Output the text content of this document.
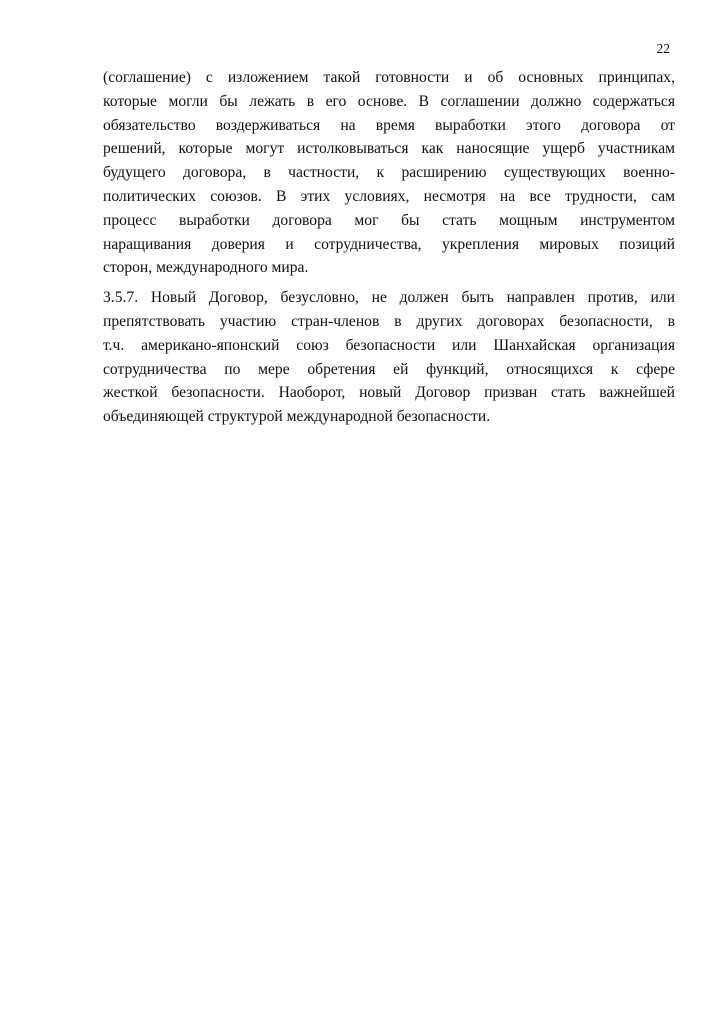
22

(соглашение) с изложением такой готовности и об основных принципах,
которые могли бы лежать в его основе. В соглашении должно содержаться
обязательство воздерживаться на время выработки этого договора от
решений, которые могут истолковываться как наносящие ущерб участникам
будущего договора, в частности, к расширению существующих военно-
политических союзов. В этих условиях, несмотря на все трудности, сам
процесс выработки договора мог бы стать мощным инструментом
наращивания доверия и сотрудничества, укрепления мировых позиций
сторон, международного мира.

3.5.7. Новый Договор, безусловно, не должен быть направлен против, или
препятствовать участию стран-членов в других договорах безопасности, в
т.ч. американо-японский союз безопасности или Шанхайская организация
сотрудничества по мере обретения ей функций, относящихся к сфере
жесткой безопасности. Наоборот, новый Договор призван стать важнейшей
объединяющей структурой международной безопасности.
